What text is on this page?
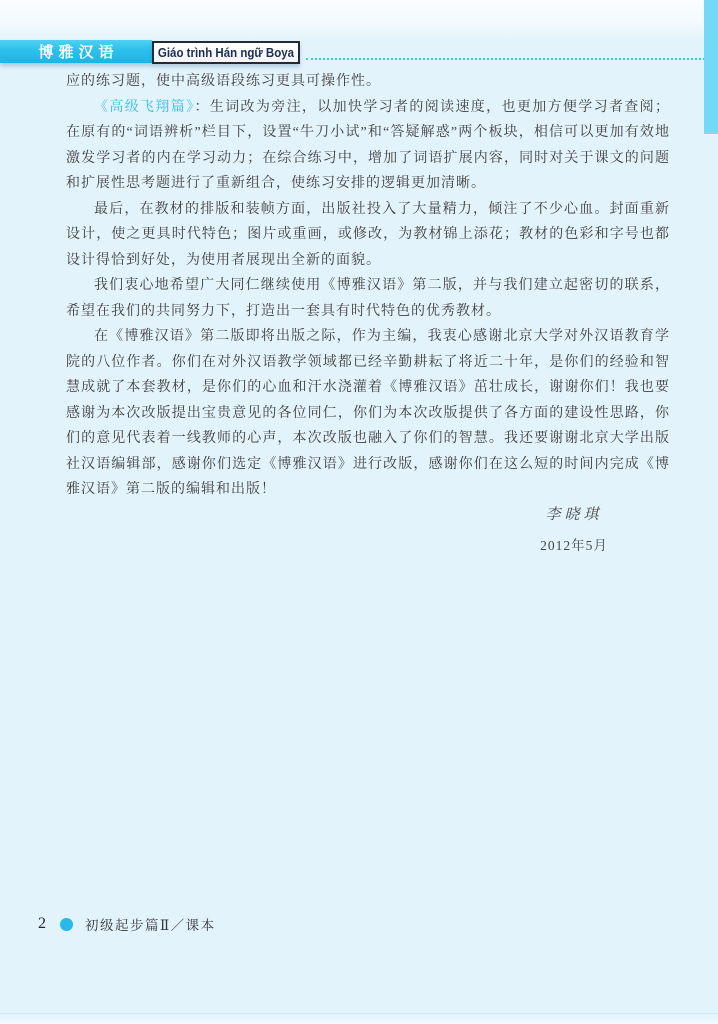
博雅汉语	Giáo trình Hán ngữ Boya

应的练习题，使中高级语段练习更具可操作性。

《高级飞翔篇》：生词改为旁注，以加快学习者的阅读速度，也更加方便学习者查阅；在原有的“词语辨析”栏目下，设置“牛刀小试”和“答疑解惑”两个板块，相信可以更加有效地激发学习者的内在学习动力；在综合练习中，增加了词语扩展内容，同时对关于课文的问题和扩展性思考题进行了重新组合，使练习安排的逻辑更加清晰。

最后，在教材的排版和装帧方面，出版社投入了大量精力，倾注了不少心血。封面重新设计，使之更具时代特色；图片或重画，或修改，为教材锦上添花；教材的色彩和字号也都设计得恰到好处，为使用者展现出全新的面貌。

我们衷心地希望广大同仁继续使用《博雅汉语》第二版，并与我们建立起密切的联系，希望在我们的共同努力下，打造出一套具有时代特色的优秀教材。

在《博雅汉语》第二版即将出版之际，作为主编，我衷心感谢北京大学对外汉语教育学院的八位作者。你们在对外汉语教学领域都已经辛勤耕耘了将近二十年，是你们的经验和智慧成就了本套教材，是你们的心血和汗水浇灌着《博雅汉语》茁壮成长，谢谢你们！我也要感谢为本次改版提出宝贵意见的各位同仁，你们为本次改版提供了各方面的建设性思路，你们的意见代表着一线教师的心声，本次改版也融入了你们的智慧。我还要谢谢北京大学出版社汉语编辑部，感谢你们选定《博雅汉语》进行改版，感谢你们在这么短的时间内完成《博雅汉语》第二版的编辑和出版！

李晓琪
2012年5月
2	初级起步篇Ⅱ／课本
